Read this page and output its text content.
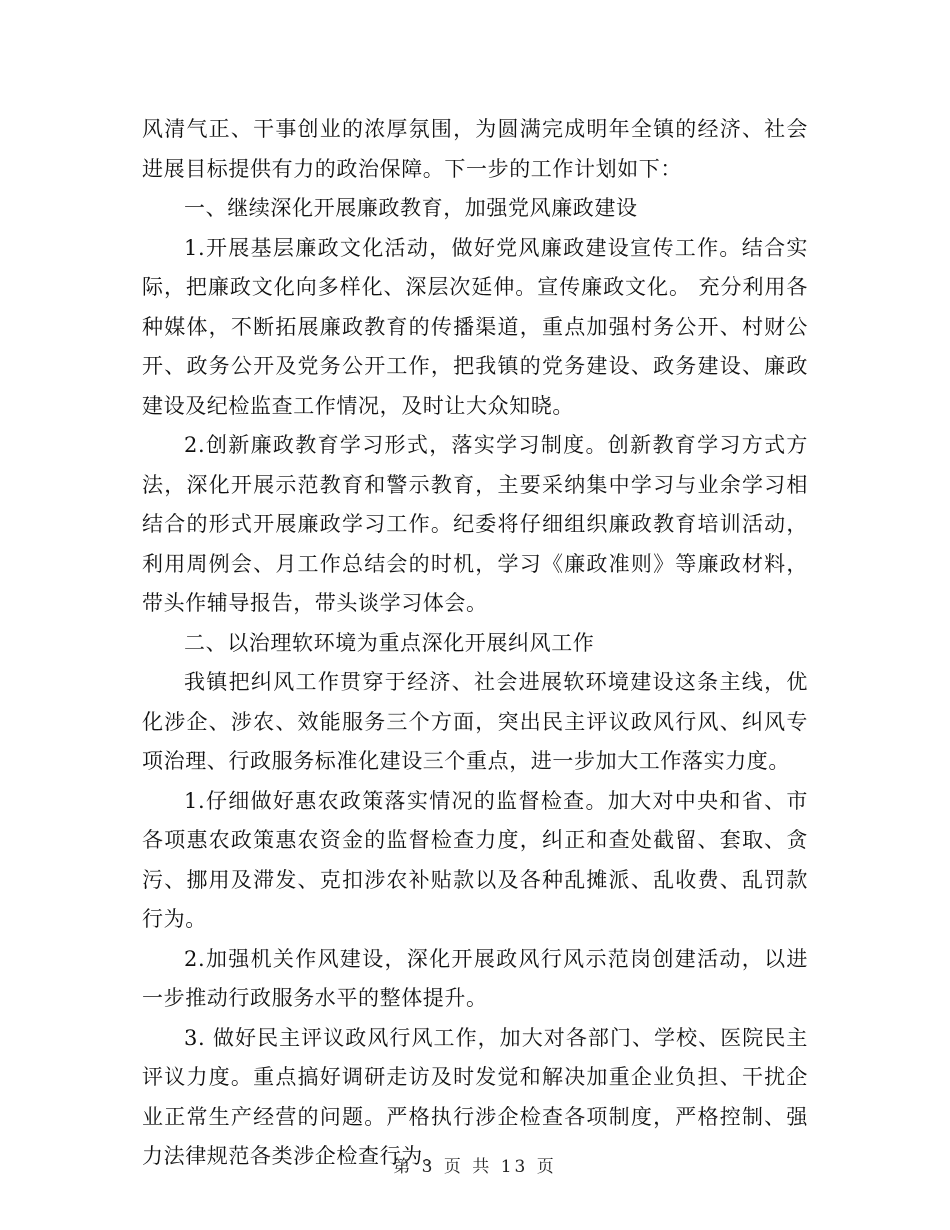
风清气正、干事创业的浓厚氛围，为圆满完成明年全镇的经济、社会进展目标提供有力的政治保障。下一步的工作计划如下：

一、继续深化开展廉政教育，加强党风廉政建设

1.开展基层廉政文化活动，做好党风廉政建设宣传工作。结合实际，把廉政文化向多样化、深层次延伸。宣传廉政文化。 充分利用各种媒体，不断拓展廉政教育的传播渠道，重点加强村务公开、村财公开、政务公开及党务公开工作，把我镇的党务建设、政务建设、廉政建设及纪检监查工作情况，及时让大众知晓。

2.创新廉政教育学习形式，落实学习制度。创新教育学习方式方法，深化开展示范教育和警示教育，主要采纳集中学习与业余学习相结合的形式开展廉政学习工作。纪委将仔细组织廉政教育培训活动，利用周例会、月工作总结会的时机，学习《廉政准则》等廉政材料，带头作辅导报告，带头谈学习体会。

二、以治理软环境为重点深化开展纠风工作

我镇把纠风工作贯穿于经济、社会进展软环境建设这条主线，优化涉企、涉农、效能服务三个方面，突出民主评议政风行风、纠风专项治理、行政服务标准化建设三个重点，进一步加大工作落实力度。

1.仔细做好惠农政策落实情况的监督检查。加大对中央和省、市各项惠农政策惠农资金的监督检查力度，纠正和查处截留、套取、贪污、挪用及滞发、克扣涉农补贴款以及各种乱摊派、乱收费、乱罚款行为。

2.加强机关作风建设，深化开展政风行风示范岗创建活动，以进一步推动行政服务水平的整体提升。

3. 做好民主评议政风行风工作，加大对各部门、学校、医院民主评议力度。重点搞好调研走访及时发觉和解决加重企业负担、干扰企业正常生产经营的问题。严格执行涉企检查各项制度，严格控制、强力法律规范各类涉企检查行为。

第 3 页 共 13 页
